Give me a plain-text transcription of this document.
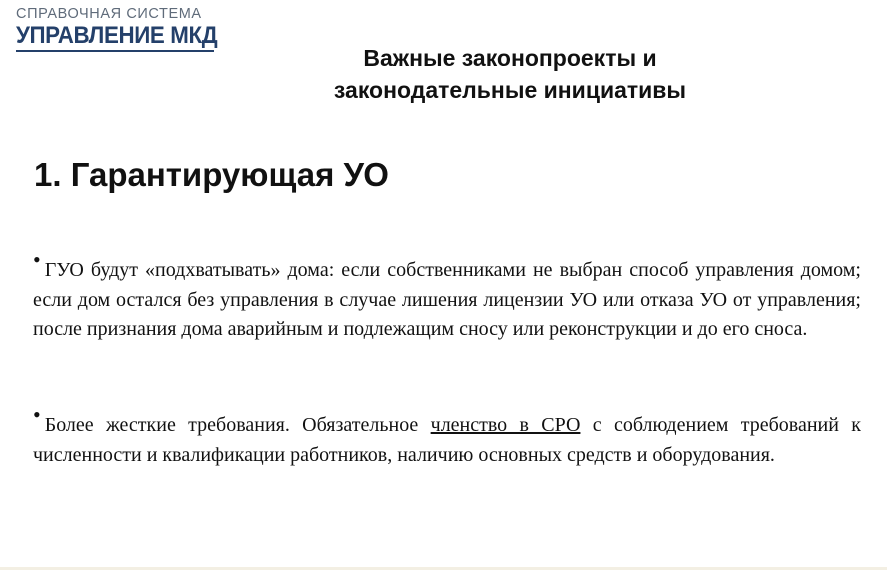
СПРАВОЧНАЯ СИСТЕМА
УПРАВЛЕНИЕ МКД
Важные законопроекты и
законодательные инициативы
1. Гарантирующая УО
• ГУО будут «подхватывать» дома: если собственниками не выбран способ управления домом; если дом остался без управления в случае лишения лицензии УО или отказа УО от управления; после признания дома аварийным и подлежащим сносу или реконструкции и до его сноса.
• Более жесткие требования. Обязательное членство в СРО с соблюдением требований к численности и квалификации работников, наличию основных средств и оборудования.
